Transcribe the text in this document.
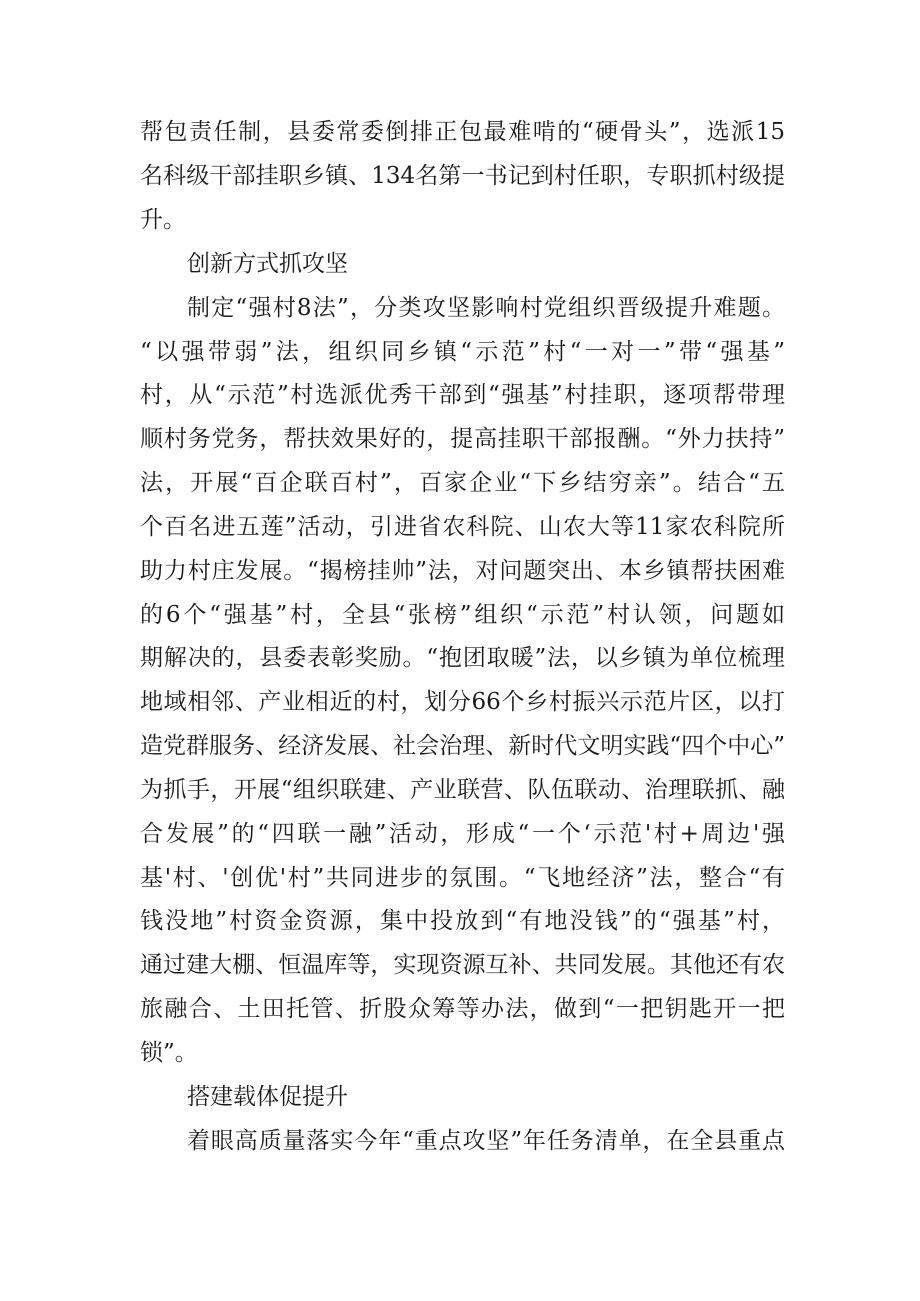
帮包责任制，县委常委倒排正包最难啃的“硬骨头”，选派15
名科级干部挂职乡镇、134名第一书记到村任职，专职抓村级提
升。
创新方式抓攻坚
制定“强村8法”，分类攻坚影响村党组织晋级提升难题。
“以强带弱”法，组织同乡镇“示范”村“一对一”带“强基”
村，从“示范”村选派优秀干部到“强基”村挂职，逐项帮带理
顺村务党务，帮扶效果好的，提高挂职干部报酬。“外力扶持”
法，开展“百企联百村”，百家企业“下乡结穷亲”。结合“五
个百名进五莲”活动，引进省农科院、山农大等11家农科院所
助力村庄发展。“揭榜挂帅”法，对问题突出、本乡镇帮扶困难
的6个“强基”村，全县“张榜”组织“示范”村认领，问题如
期解决的，县委表彰奖励。“抱团取暖”法，以乡镇为单位梳理
地域相邻、产业相近的村，划分66个乡村振兴示范片区，以打
造党群服务、经济发展、社会治理、新时代文明实践“四个中心”
为抓手，开展“组织联建、产业联营、队伍联动、治理联抓、融
合发展”的“四联一融”活动，形成“一个‘示范'村+周边'强
基'村、'创优'村”共同进步的氛围。“飞地经济”法，整合“有
钱没地”村资金资源，集中投放到“有地没钱”的“强基”村，
通过建大棚、恒温库等，实现资源互补、共同发展。其他还有农
旅融合、土田托管、折股众筹等办法，做到“一把钥匙开一把
锁”。
搭建载体促提升
着眼高质量落实今年“重点攻坚”年任务清单，在全县重点
